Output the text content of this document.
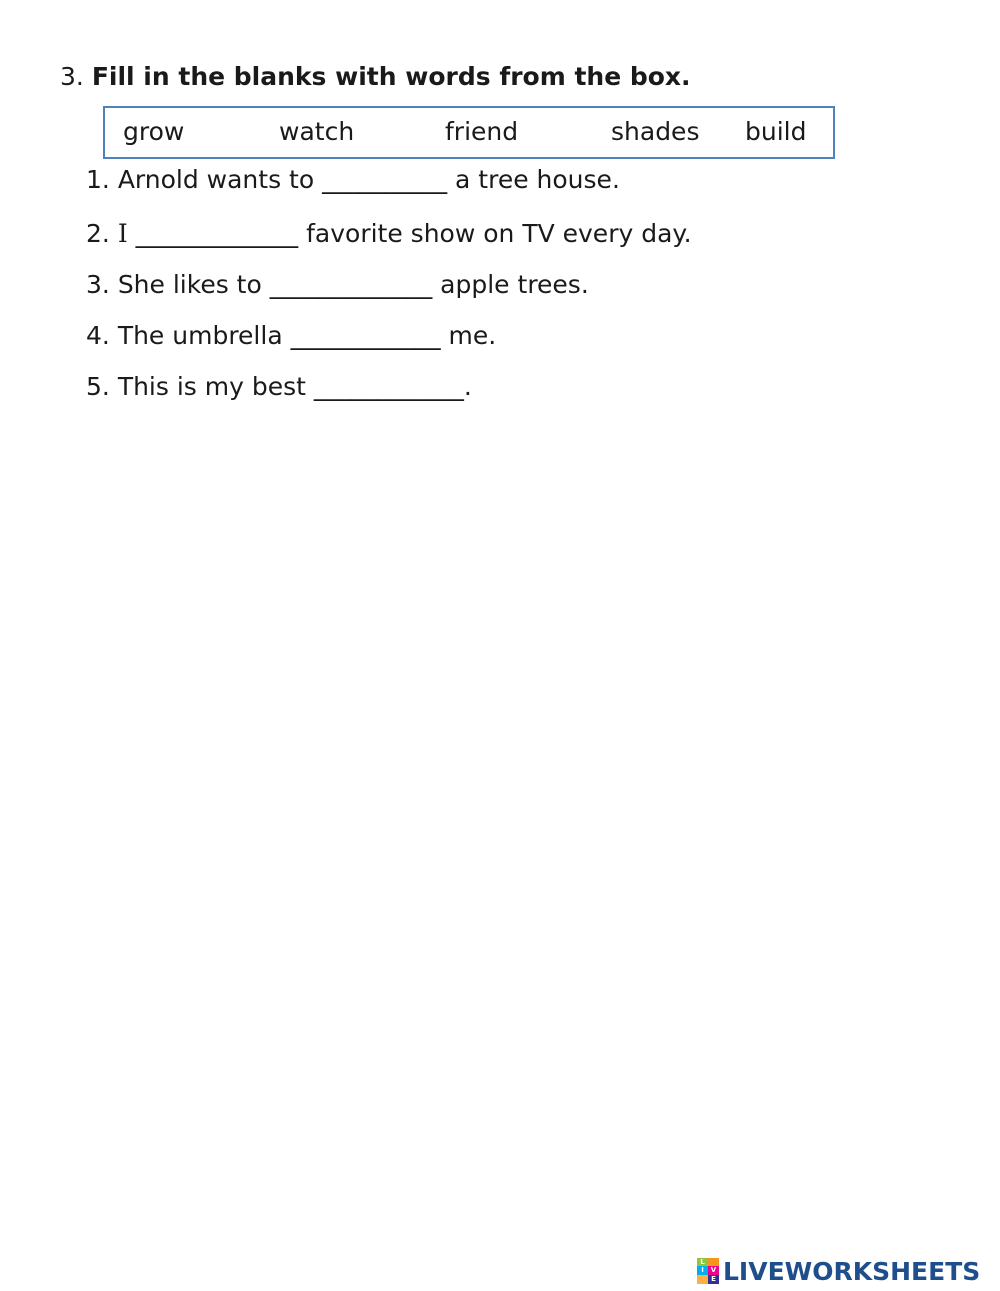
3. Fill in the blanks with words from the box.
grow	watch	friend	shades build
1. Arnold wants to __________ a tree house.
2. I _____________ favorite show on TV every day.
3. She likes to _____________ apple trees.
4. The umbrella ____________ me.
5. This is my best ____________.
L
I V
E LIVEWORKSHEETS
